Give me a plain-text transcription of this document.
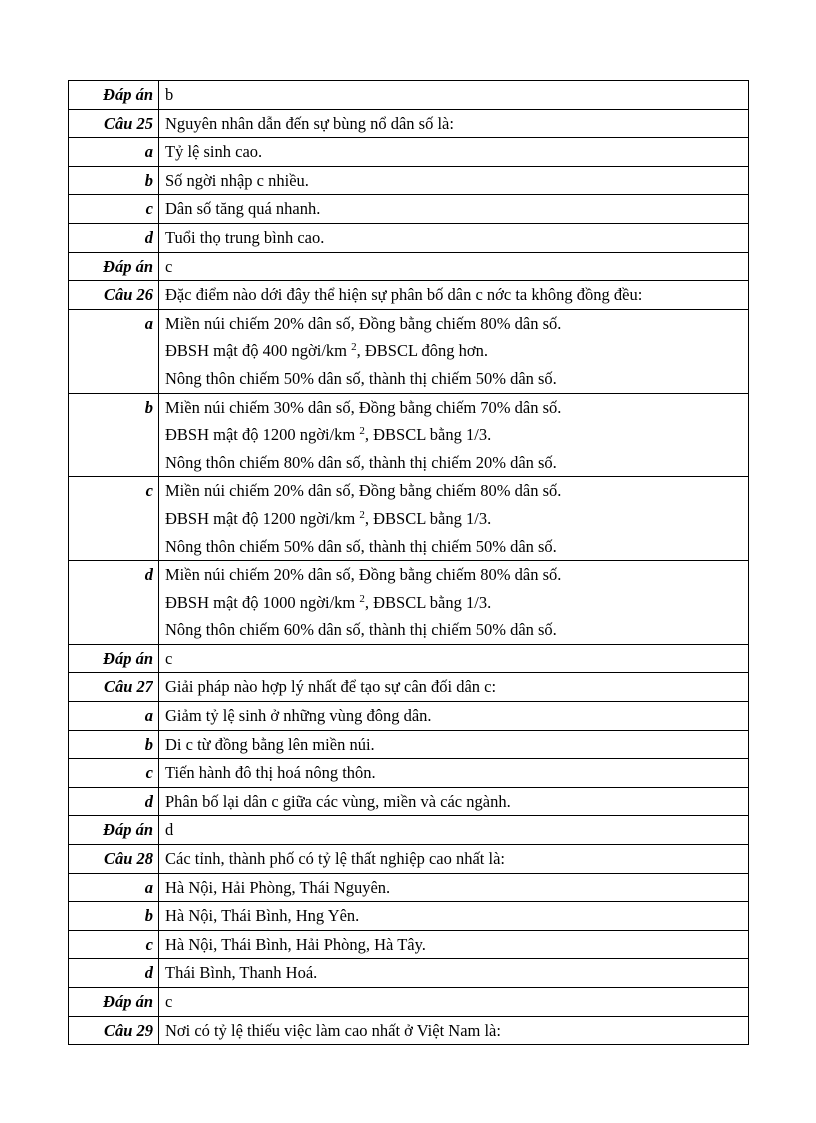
Đáp án	b

Câu 25	Nguyên nhân dẫn đến sự bùng nổ dân số là:

a	Tỷ lệ sinh cao.

b	Số ngời nhập c nhiều.

c	Dân số tăng quá nhanh.

d	Tuổi thọ trung bình cao.

Đáp án	c

Câu 26	Đặc điểm nào dới đây thể hiện sự phân bố dân c nớc ta không đồng đều:

a	Miền núi chiếm 20% dân số, Đồng bằng chiếm 80% dân số.
ĐBSH mật độ 400 ngời/km $^2$, ĐBSCL đông hơn.
Nông thôn chiếm 50% dân số, thành thị chiếm 50% dân số.

b	Miền núi chiếm 30% dân số, Đồng bằng chiếm 70% dân số.
ĐBSH mật độ 1200 ngời/km $^2$, ĐBSCL bằng 1/3.
Nông thôn chiếm 80% dân số, thành thị chiếm 20% dân số.

c	Miền núi chiếm 20% dân số, Đồng bằng chiếm 80% dân số.
ĐBSH mật độ 1200 ngời/km $^2$, ĐBSCL bằng 1/3.
Nông thôn chiếm 50% dân số, thành thị chiếm 50% dân số.

d	Miền núi chiếm 20% dân số, Đồng bằng chiếm 80% dân số.
ĐBSH mật độ 1000 ngời/km $^2$, ĐBSCL bằng 1/3.
Nông thôn chiếm 60% dân số, thành thị chiếm 50% dân số.

Đáp án	c

Câu 27	Giải pháp nào hợp lý nhất để tạo sự cân đối dân c:

a	Giảm tỷ lệ sinh ở những vùng đông dân.

b	Di c từ đồng bằng lên miền núi.

c	Tiến hành đô thị hoá nông thôn.

d	Phân bố lại dân c giữa các vùng, miền và các ngành.

Đáp án	d

Câu 28	Các tỉnh, thành phố có tỷ lệ thất nghiệp cao nhất là:

a	Hà Nội, Hải Phòng, Thái Nguyên.

b	Hà Nội, Thái Bình, Hng Yên.

c	Hà Nội, Thái Bình, Hải Phòng, Hà Tây.

d	Thái Bình, Thanh Hoá.

Đáp án	c

Câu 29	Nơi có tỷ lệ thiếu việc làm cao nhất ở Việt Nam là:
